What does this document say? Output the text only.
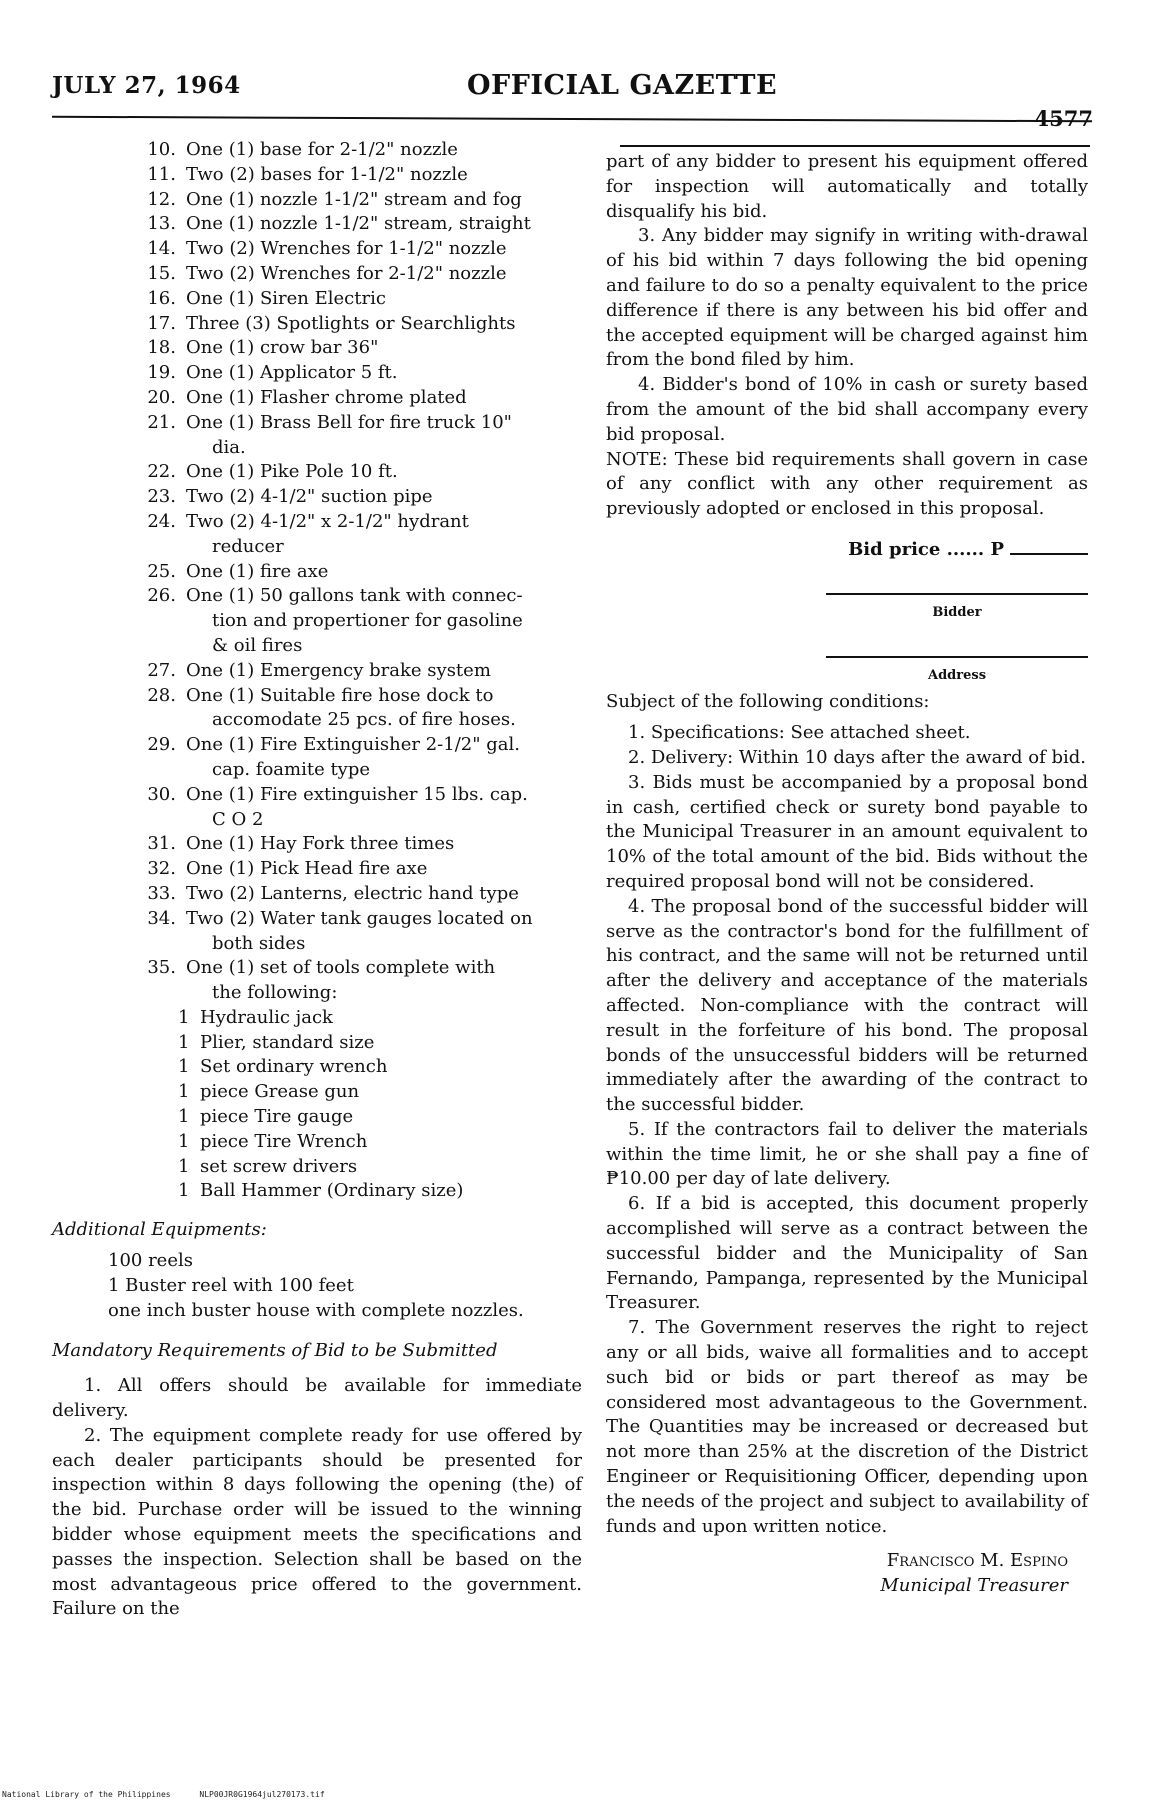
JULY 27, 1964	OFFICIAL GAZETTE
4577
10. One (1) base for 2-1/2" nozzle
11. Two (2) bases for 1-1/2" nozzle
12. One (1) nozzle 1-1/2" stream and fog
13. One (1) nozzle 1-1/2" stream, straight
14. Two (2) Wrenches for 1-1/2" nozzle
15. Two (2) Wrenches for 2-1/2" nozzle
16. One (1) Siren Electric
17. Three (3) Spotlights or Searchlights
18. One (1) crow bar 36"
19. One (1) Applicator 5 ft.
20. One (1) Flasher chrome plated
21. One (1) Brass Bell for fire truck 10"
dia.
22. One (1) Pike Pole 10 ft.
23. Two (2) 4-1/2" suction pipe
24. Two (2) 4-1/2" x 2-1/2" hydrant
reducer
25. One (1) fire axe
26. One (1) 50 gallons tank with connec-
tion and propertioner for gasoline
& oil fires
27. One (1) Emergency brake system
28. One (1) Suitable fire hose dock to
accomodate 25 pcs. of fire hoses.
29. One (1) Fire Extinguisher 2-1/2" gal.
cap. foamite type
30. One (1) Fire extinguisher 15 lbs. cap.
C O 2
31. One (1) Hay Fork three times
32. One (1) Pick Head fire axe
33. Two (2) Lanterns, electric hand type
34. Two (2) Water tank gauges located on
both sides
35. One (1) set of tools complete with
the following:
1 Hydraulic jack
1 Plier, standard size
1 Set ordinary wrench
1 piece Grease gun
1 piece Tire gauge
1 piece Tire Wrench
1 set screw drivers
1 Ball Hammer (Ordinary size)
Additional Equipments:
100 reels
1 Buster reel with 100 feet
one inch buster house with complete nozzles.
Mandatory Requirements of Bid to be Submitted
1. All offers should be available for immediate delivery.
2. The equipment complete ready for use offered by each dealer participants should be presented for inspection within 8 days following the opening (the) of the bid. Purchase order will be issued to the winning bidder whose equipment meets the specifications and passes the inspection. Selection shall be based on the most advantageous price offered to the government. Failure on the

part of any bidder to present his equipment offered for inspection will automatically and totally disqualify his bid.

3. Any bidder may signify in writing with-drawal of his bid within 7 days following the bid opening and failure to do so a penalty equivalent to the price difference if there is any between his bid offer and the accepted equipment will be charged against him from the bond filed by him.

4. Bidder's bond of 10% in cash or surety based from the amount of the bid shall accompany every bid proposal.

NOTE: These bid requirements shall govern in case of any conflict with any other requirement as previously adopted or enclosed in this proposal.

Bid price ...... P
Bidder
Address

Subject of the following conditions:

1. Specifications: See attached sheet.

2. Delivery: Within 10 days after the award of bid.

3. Bids must be accompanied by a proposal bond in cash, certified check or surety bond payable to the Municipal Treasurer in an amount equivalent to 10% of the total amount of the bid. Bids without the required proposal bond will not be considered.

4. The proposal bond of the successful bidder will serve as the contractor's bond for the fulfillment of his contract, and the same will not be returned until after the delivery and acceptance of the materials affected. Non-compliance with the contract will result in the forfeiture of his bond. The proposal bonds of the unsuccessful bidders will be returned immediately after the awarding of the contract to the successful bidder.

5. If the contractors fail to deliver the materials within the time limit, he or she shall pay a fine of ₱10.00 per day of late delivery.

6. If a bid is accepted, this document properly accomplished will serve as a contract between the successful bidder and the Municipality of San Fernando, Pampanga, represented by the Municipal Treasurer.

7. The Government reserves the right to reject any or all bids, waive all formalities and to accept such bid or bids or part thereof as may be considered most advantageous to the Government. The Quantities may be increased or decreased but not more than 25% at the discretion of the District Engineer or Requisitioning Officer, depending upon the needs of the project and subject to availability of funds and upon written notice.

Francisco M. Espino
Municipal Treasurer
National Library of the Philippines	NLP00JR0G1964jul270173.tif
